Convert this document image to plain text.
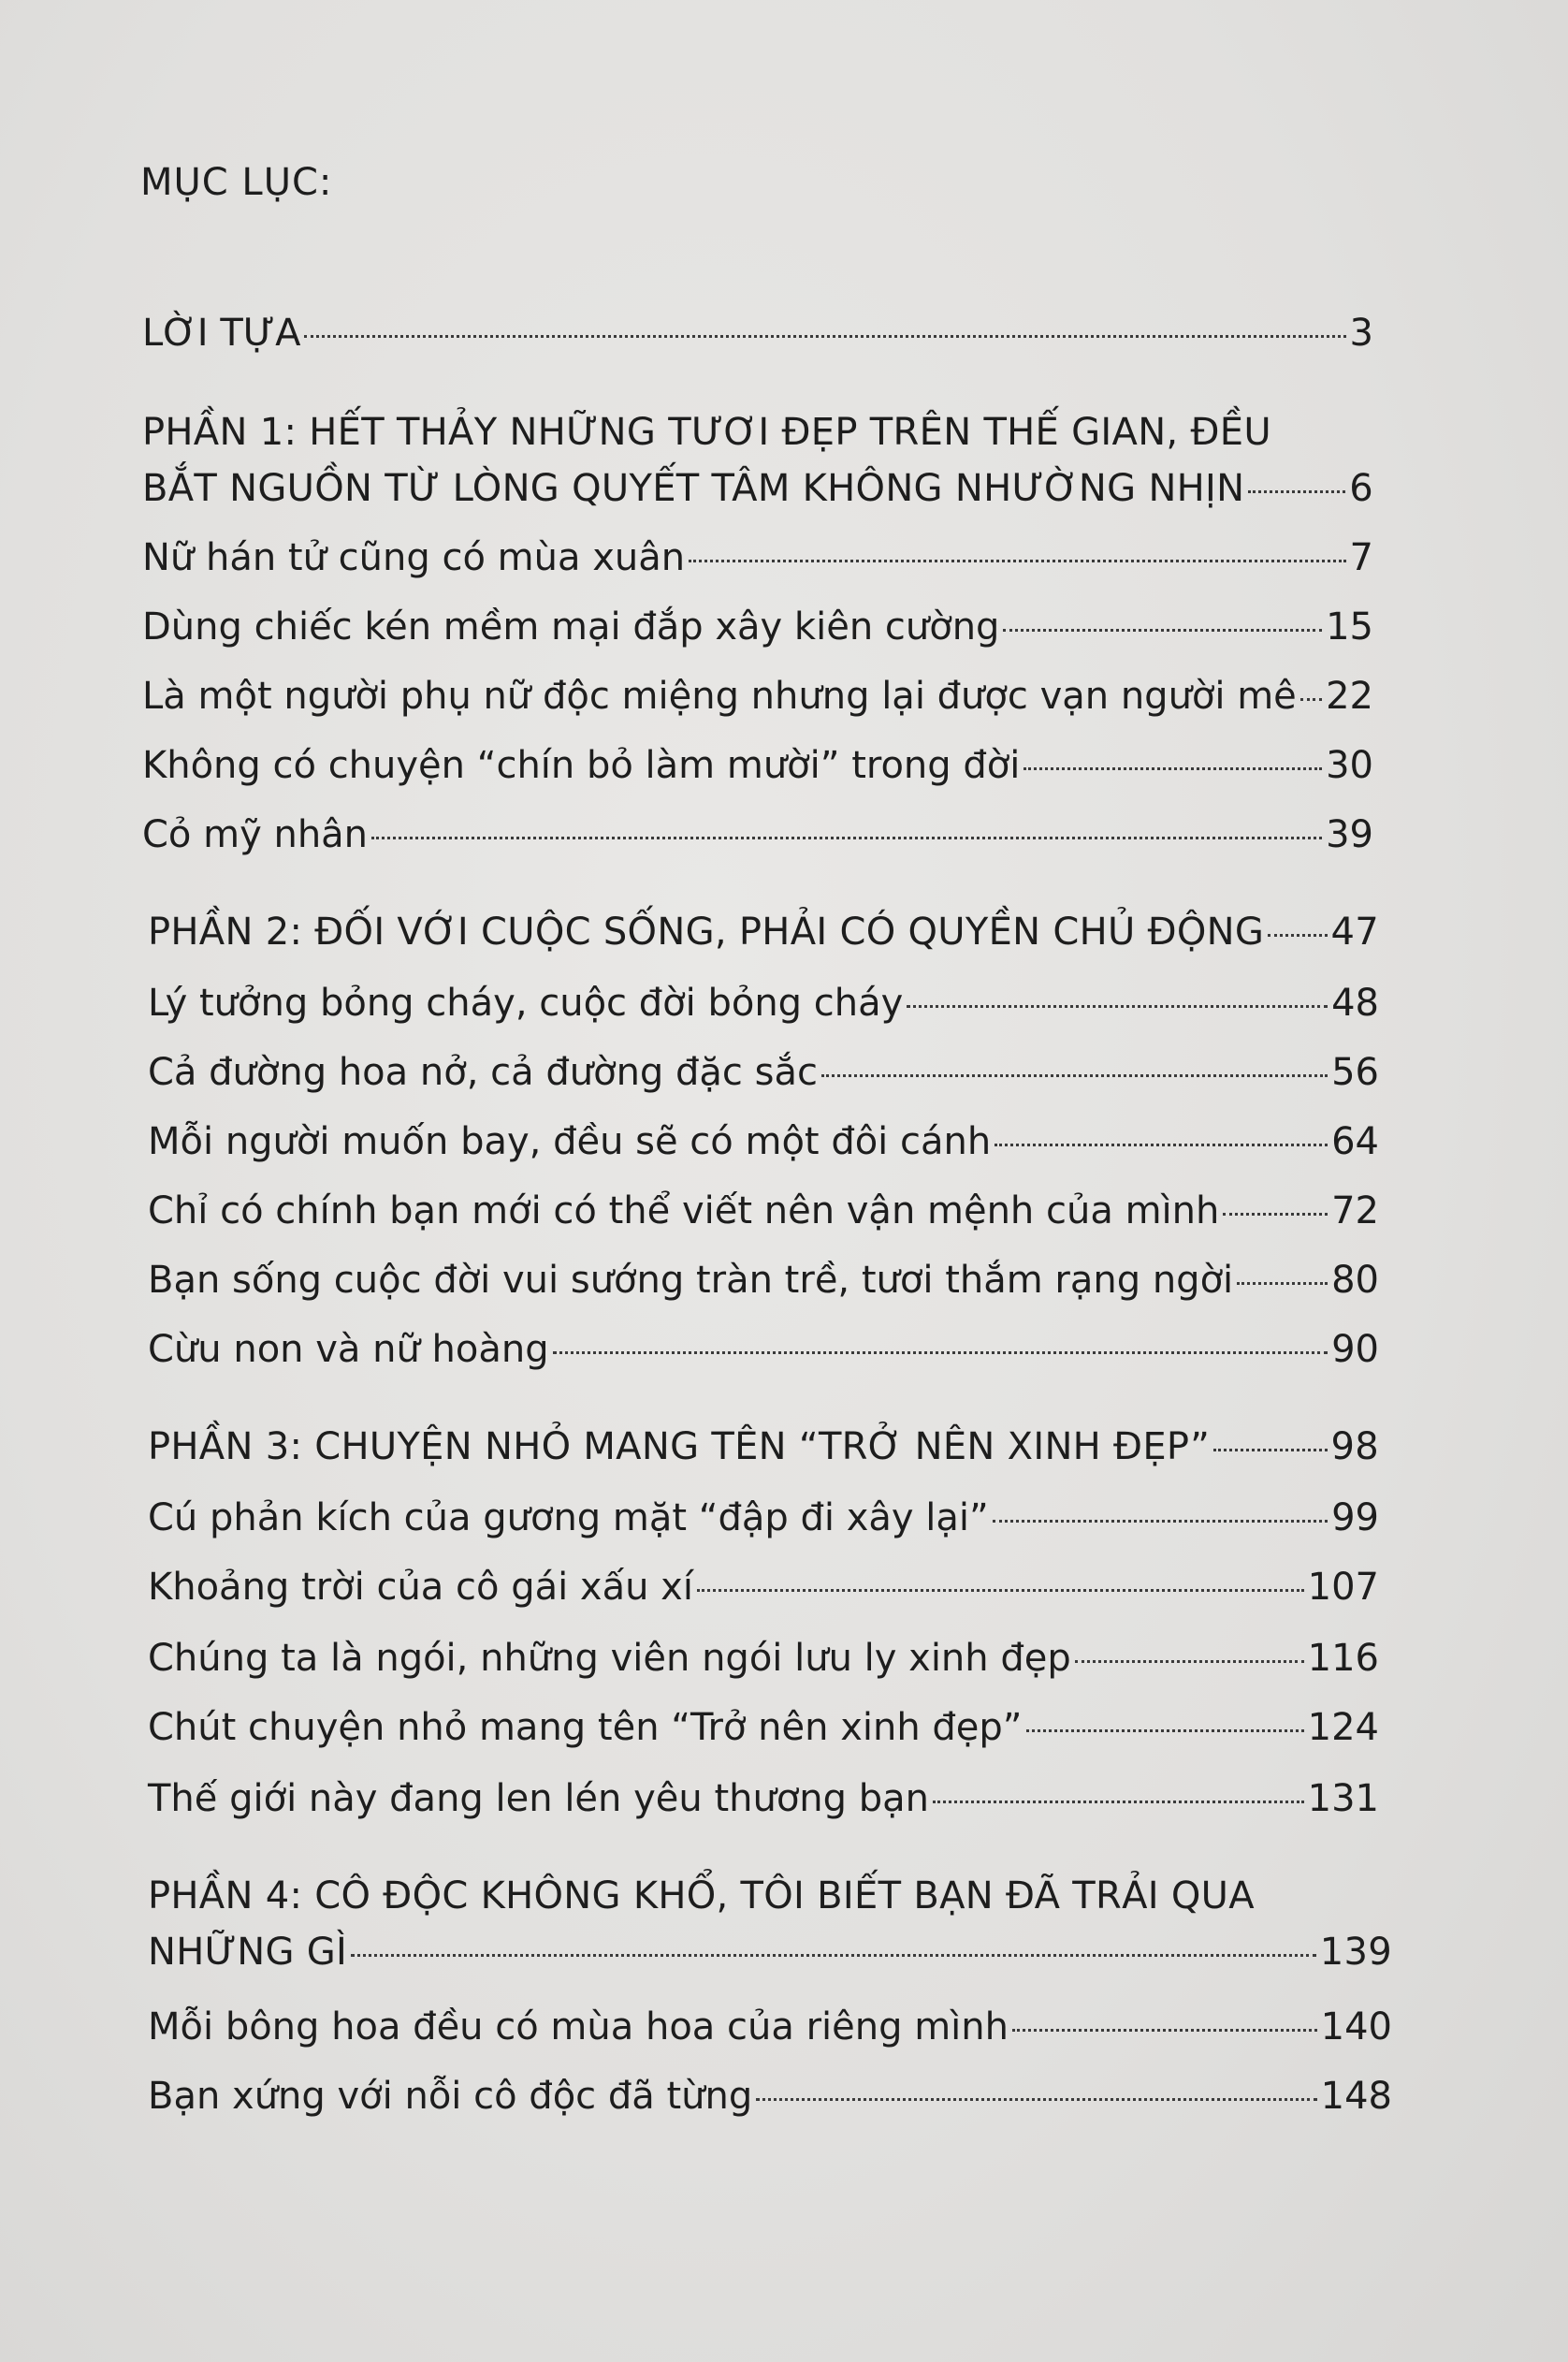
MỤC LỤC:
LỜI TỰA	3
PHẦN 1: HẾT THẢY NHỮNG TƯƠI ĐẸP TRÊN THẾ GIAN, ĐỀU
BẮT NGUỒN TỪ LÒNG QUYẾT TÂM KHÔNG NHƯỜNG NHỊN	6
Nữ hán tử cũng có mùa xuân	7
Dùng chiếc kén mềm mại đắp xây kiên cường	15
Là một người phụ nữ độc miệng nhưng lại được vạn người mê 22
Không có chuyện “chín bỏ làm mười” trong đời	30
Cỏ mỹ nhân	39
PHẦN 2: ĐỐI VỚI CUỘC SỐNG, PHẢI CÓ QUYỀN CHỦ ĐỘNG 47
Lý tưởng bỏng cháy, cuộc đời bỏng cháy	48
Cả đường hoa nở, cả đường đặc sắc	56
Mỗi người muốn bay, đều sẽ có một đôi cánh	64
Chỉ có chính bạn mới có thể viết nên vận mệnh của mình	72
Bạn sống cuộc đời vui sướng tràn trề, tươi thắm rạng ngời	80
Cừu non và nữ hoàng	90
PHẦN 3: CHUYỆN NHỎ MANG TÊN “TRỞ NÊN XINH ĐẸP”	98
Cú phản kích của gương mặt “đập đi xây lại”	99
Khoảng trời của cô gái xấu xí	107
Chúng ta là ngói, những viên ngói lưu ly xinh đẹp	116
Chút chuyện nhỏ mang tên “Trở nên xinh đẹp”	124
Thế giới này đang len lén yêu thương bạn	131
PHẦN 4: CÔ ĐỘC KHÔNG KHỔ, TÔI BIẾT BẠN ĐÃ TRẢI QUA
NHỮNG GÌ	139
Mỗi bông hoa đều có mùa hoa của riêng mình	140
Bạn xứng với nỗi cô độc đã từng	148
